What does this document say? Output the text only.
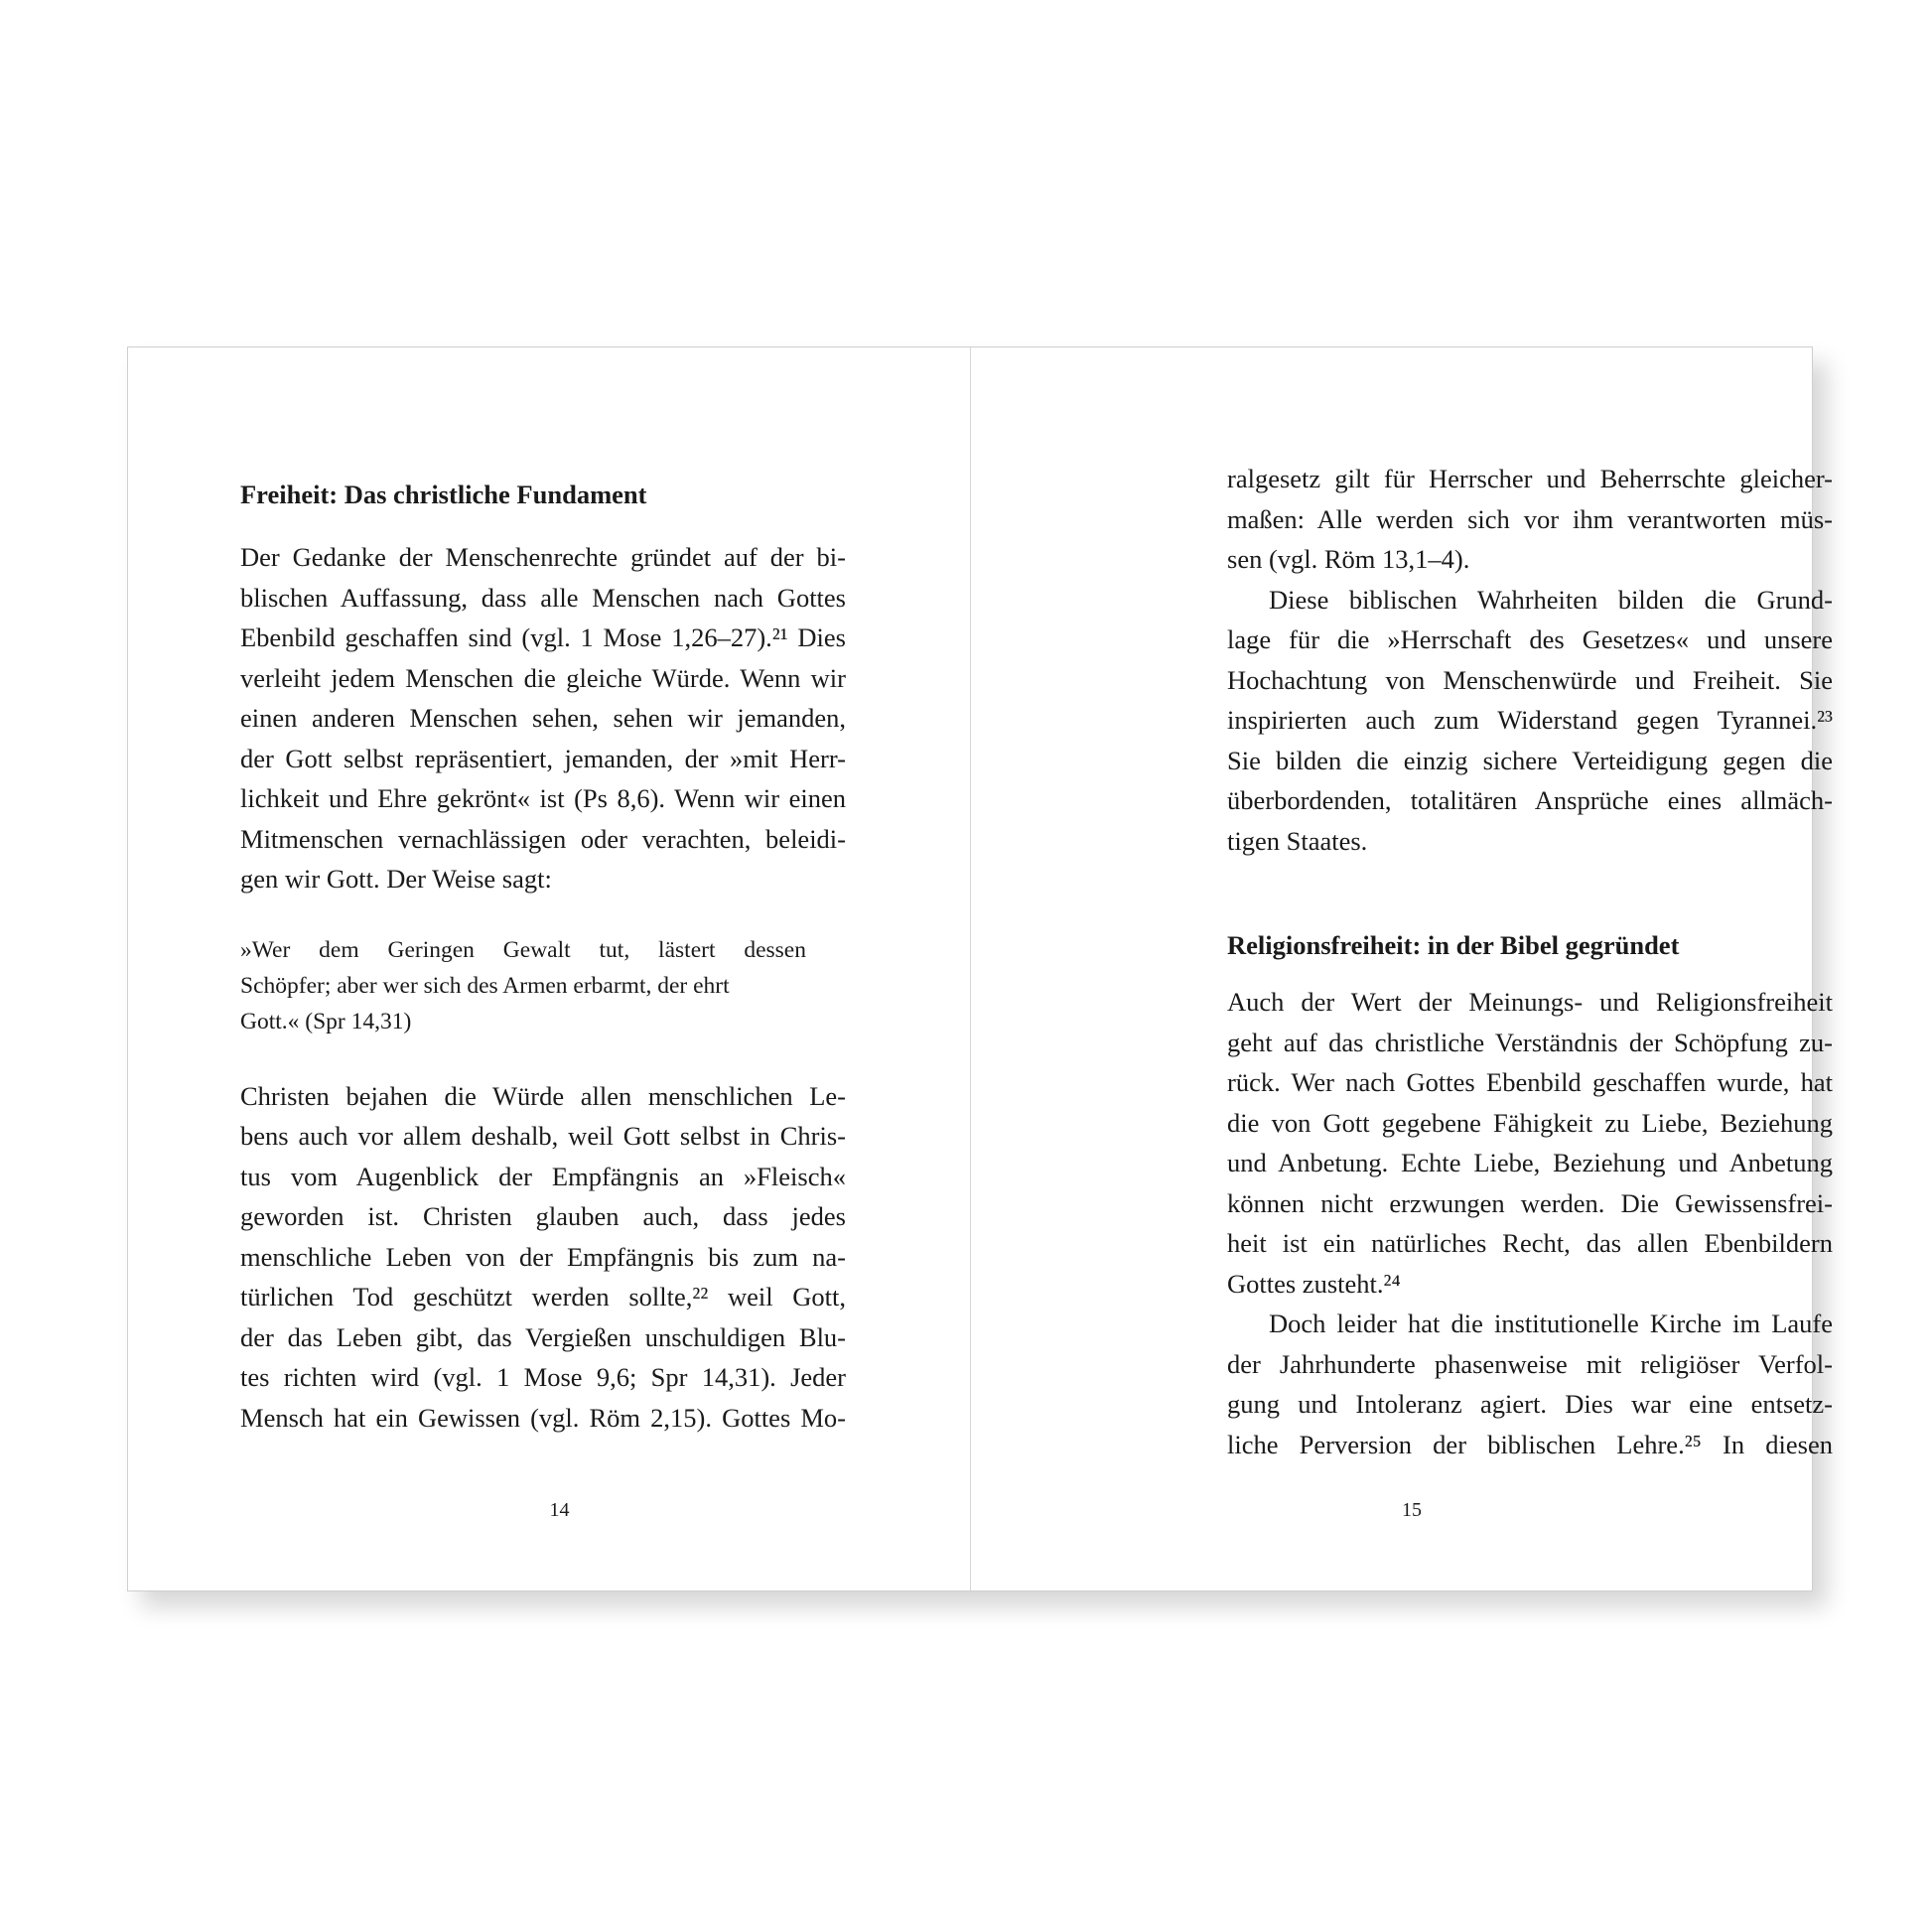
Freiheit: Das christliche Fundament

Der Gedanke der Menschenrechte gründet auf der bi-
blischen Auffassung, dass alle Menschen nach Gottes
Ebenbild geschaffen sind (vgl. 1 Mose 1,26–27).²¹ Dies
verleiht jedem Menschen die gleiche Würde. Wenn wir
einen anderen Menschen sehen, sehen wir jemanden,
der Gott selbst repräsentiert, jemanden, der »mit Herr-
lichkeit und Ehre gekrönt« ist (Ps 8,6). Wenn wir einen
Mitmenschen vernachlässigen oder verachten, beleidi-
gen wir Gott. Der Weise sagt:

»Wer dem Geringen Gewalt tut, lästert dessen
Schöpfer; aber wer sich des Armen erbarmt, der ehrt
Gott.« (Spr 14,31)

Christen bejahen die Würde allen menschlichen Le-
bens auch vor allem deshalb, weil Gott selbst in Chris-
tus vom Augenblick der Empfängnis an »Fleisch«
geworden ist. Christen glauben auch, dass jedes
menschliche Leben von der Empfängnis bis zum na-
türlichen Tod geschützt werden sollte,²² weil Gott,
der das Leben gibt, das Vergießen unschuldigen Blu-
tes richten wird (vgl. 1 Mose 9,6; Spr 14,31). Jeder
Mensch hat ein Gewissen (vgl. Röm 2,15). Gottes Mo-

14

ralgesetz gilt für Herrscher und Beherrschte gleicher-
maßen: Alle werden sich vor ihm verantworten müs-
sen (vgl. Röm 13,1–4).

Diese biblischen Wahrheiten bilden die Grund-
lage für die »Herrschaft des Gesetzes« und unsere
Hochachtung von Menschenwürde und Freiheit. Sie
inspirierten auch zum Widerstand gegen Tyrannei.²³
Sie bilden die einzig sichere Verteidigung gegen die
überbordenden, totalitären Ansprüche eines allmäch-
tigen Staates.

Religionsfreiheit: in der Bibel gegründet

Auch der Wert der Meinungs- und Religionsfreiheit
geht auf das christliche Verständnis der Schöpfung zu-
rück. Wer nach Gottes Ebenbild geschaffen wurde, hat
die von Gott gegebene Fähigkeit zu Liebe, Beziehung
und Anbetung. Echte Liebe, Beziehung und Anbetung
können nicht erzwungen werden. Die Gewissensfrei-
heit ist ein natürliches Recht, das allen Ebenbildern
Gottes zusteht.²⁴

Doch leider hat die institutionelle Kirche im Laufe
der Jahrhunderte phasenweise mit religiöser Verfol-
gung und Intoleranz agiert. Dies war eine entsetz-
liche Perversion der biblischen Lehre.²⁵ In diesen

15
